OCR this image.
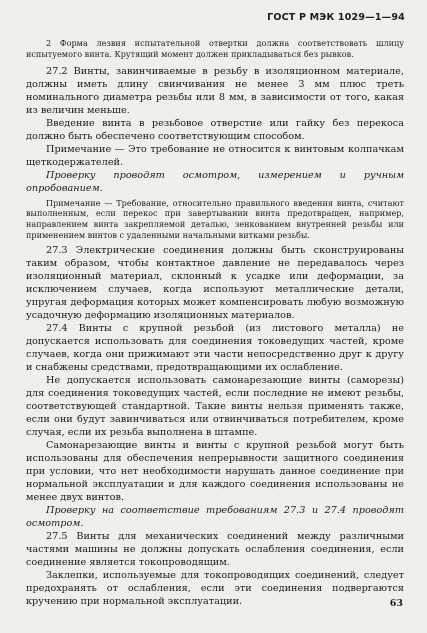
ГОСТ Р МЭК 1029—1—94

2 Форма лезвия испытательной отвертки должна соответствовать шлицу испытуемого винта. Крутящий момент должен прикладываться без рывков.

27.2 Винты, завинчиваемые в резьбу в изоляционном материале, должны иметь длину свинчивания не менее 3 мм плюс треть номинального диаметра резьбы или 8 мм, в зависимости от того, какая из величин меньше.

Введение винта в резьбовое отверстие или гайку без перекоса должно быть обеспечено соответствующим способом.

Примечание — Это требование не относится к винтовым колпачкам щеткодержателей.

Проверку проводят осмотром, измерением и ручным опробованием.

Примечание — Требование, относительно правильного введения винта, считают выполненным, если перекос при завертывании винта предотвращен, например, направлением винта закрепляемой деталью, зенкованием внутренней резьбы или применением винтов с удаленными начальными витками резьбы.

27.3 Электрические соединения должны быть сконструированы таким образом, чтобы контактное давление не передавалось через изоляционный материал, склонный к усадке или деформации, за исключением случаев, когда используют металлические детали, упругая деформация которых может компенсировать любую возможную усадочную деформацию изоляционных материалов.

27.4 Винты с крупной резьбой (из листового металла) не допускается использовать для соединения токоведущих частей, кроме случаев, когда они прижимают эти части непосредственно друг к другу и снабжены средствами, предотвращающими их ослабление.

Не допускается использовать самонарезающие винты (саморезы) для соединения токоведущих частей, если последние не имеют резьбы, соответствующей стандартной. Такие винты нельзя применять также, если они будут завинчиваться или отвинчиваться потребителем, кроме случая, если их резьба выполнена в штампе.

Самонарезающие винты и винты с крупной резьбой могут быть использованы для обеспечения непрерывности защитного соединения при условии, что нет необходимости нарушать данное соединение при нормальной эксплуатации и для каждого соединения использованы не менее двух винтов.

Проверку на соответствие требованиям 27.3 и 27.4 проводят осмотром.

27.5 Винты для механических соединений между различными частями машины не должны допускать ослабления соединения, если соединение является токопроводящим.

Заклепки, используемые для токопроводящих соединений, следует предохранять от ослабления, если эти соединения подвергаются кручению при нормальной эксплуатации.	63
